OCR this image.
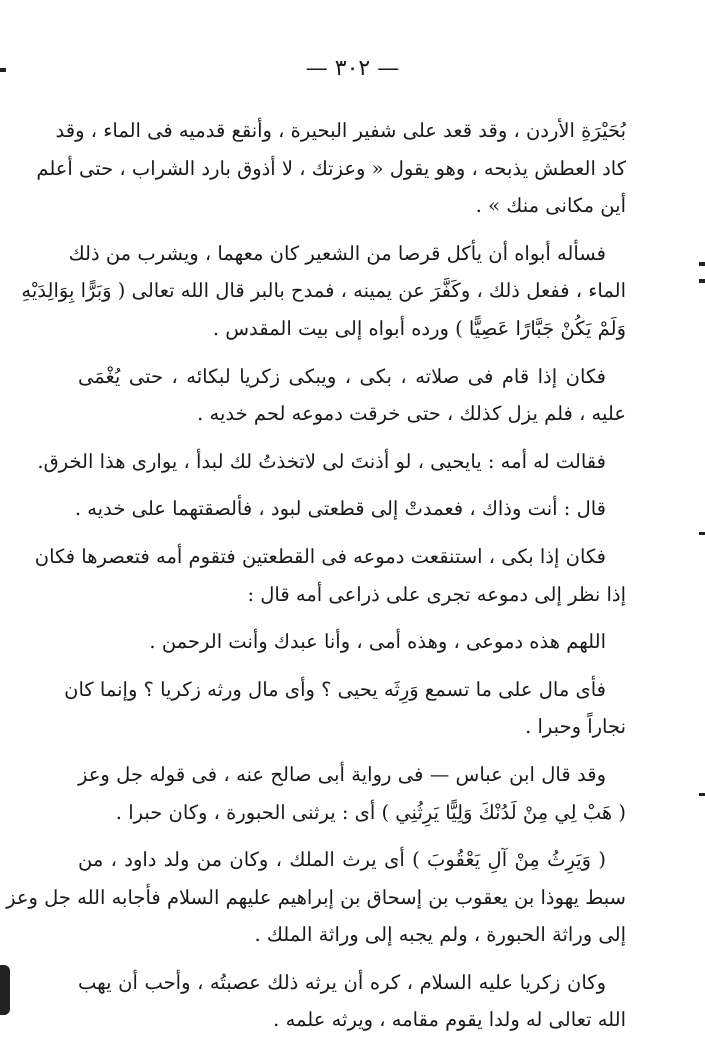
— ٣٠٢ —

بُحَيْرَةِ الأردن ، وقد قعد على شفير البحيرة ، وأنقع قدميه فى الماء ، وقد
كاد العطش يذبحه ، وهو يقول « وعزتك ، لا أذوق بارد الشراب ، حتى أعلم
أين مكانى منك » .

فسأله أبواه أن يأكل قرصا من الشعير كان معهما ، ويشرب من ذلك
الماء ، ففعل ذلك ، وكَفَّرَ عن يمينه ، فمدح بالبر قال الله تعالى ( وَبَرًّا بِوَالِدَيْهِ
وَلَمْ يَكُنْ جَبَّارًا عَصِيًّا ) ورده أبواه إلى بيت المقدس .

فكان إذا قام فى صلاته ، بكى ، ويبكى زكريا لبكائه ، حتى يُغْمَى
عليه ، فلم يزل كذلك ، حتى خرقت دموعه لحم خديه .

فقالت له أمه : يايحيى ، لو أذنتَ لى لاتخذتُ لك لبدأ ، يوارى هذا الخرق.

قال : أنت وذاك ، فعمدتْ إلى قطعتى لبود ، فألصقتهما على خديه .

فكان إذا بكى ، استنقعت دموعه فى القطعتين فتقوم أمه فتعصرها فكان
إذا نظر إلى دموعه تجرى على ذراعى أمه قال :

اللهم هذه دموعى ، وهذه أمى ، وأنا عبدك وأنت الرحمن .

فأى مال على ما تسمع وَرِثَه يحيى ؟ وأى مال ورثه زكريا ؟ وإنما كان
نجاراً وحبرا .

وقد قال ابن عباس — فى رواية أبى صالح عنه ، فى قوله جل وعز
( هَبْ لِي مِنْ لَدُنْكَ وَلِيًّا يَرِثُنِي ) أى : يرثنى الحبورة ، وكان حبرا .

( وَيَرِثُ مِنْ آلِ يَعْقُوبَ ) أى يرث الملك ، وكان من ولد داود ، من
سبط يهوذا بن يعقوب بن إسحاق بن إبراهيم عليهم السلام فأجابه الله جل وعز
إلى وراثة الحبورة ، ولم يجبه إلى وراثة الملك .

وكان زكريا عليه السلام ، كره أن يرثه ذلك عصبتُه ، وأحب أن يهب
الله تعالى له ولدا يقوم مقامه ، ويرثه علمه .
